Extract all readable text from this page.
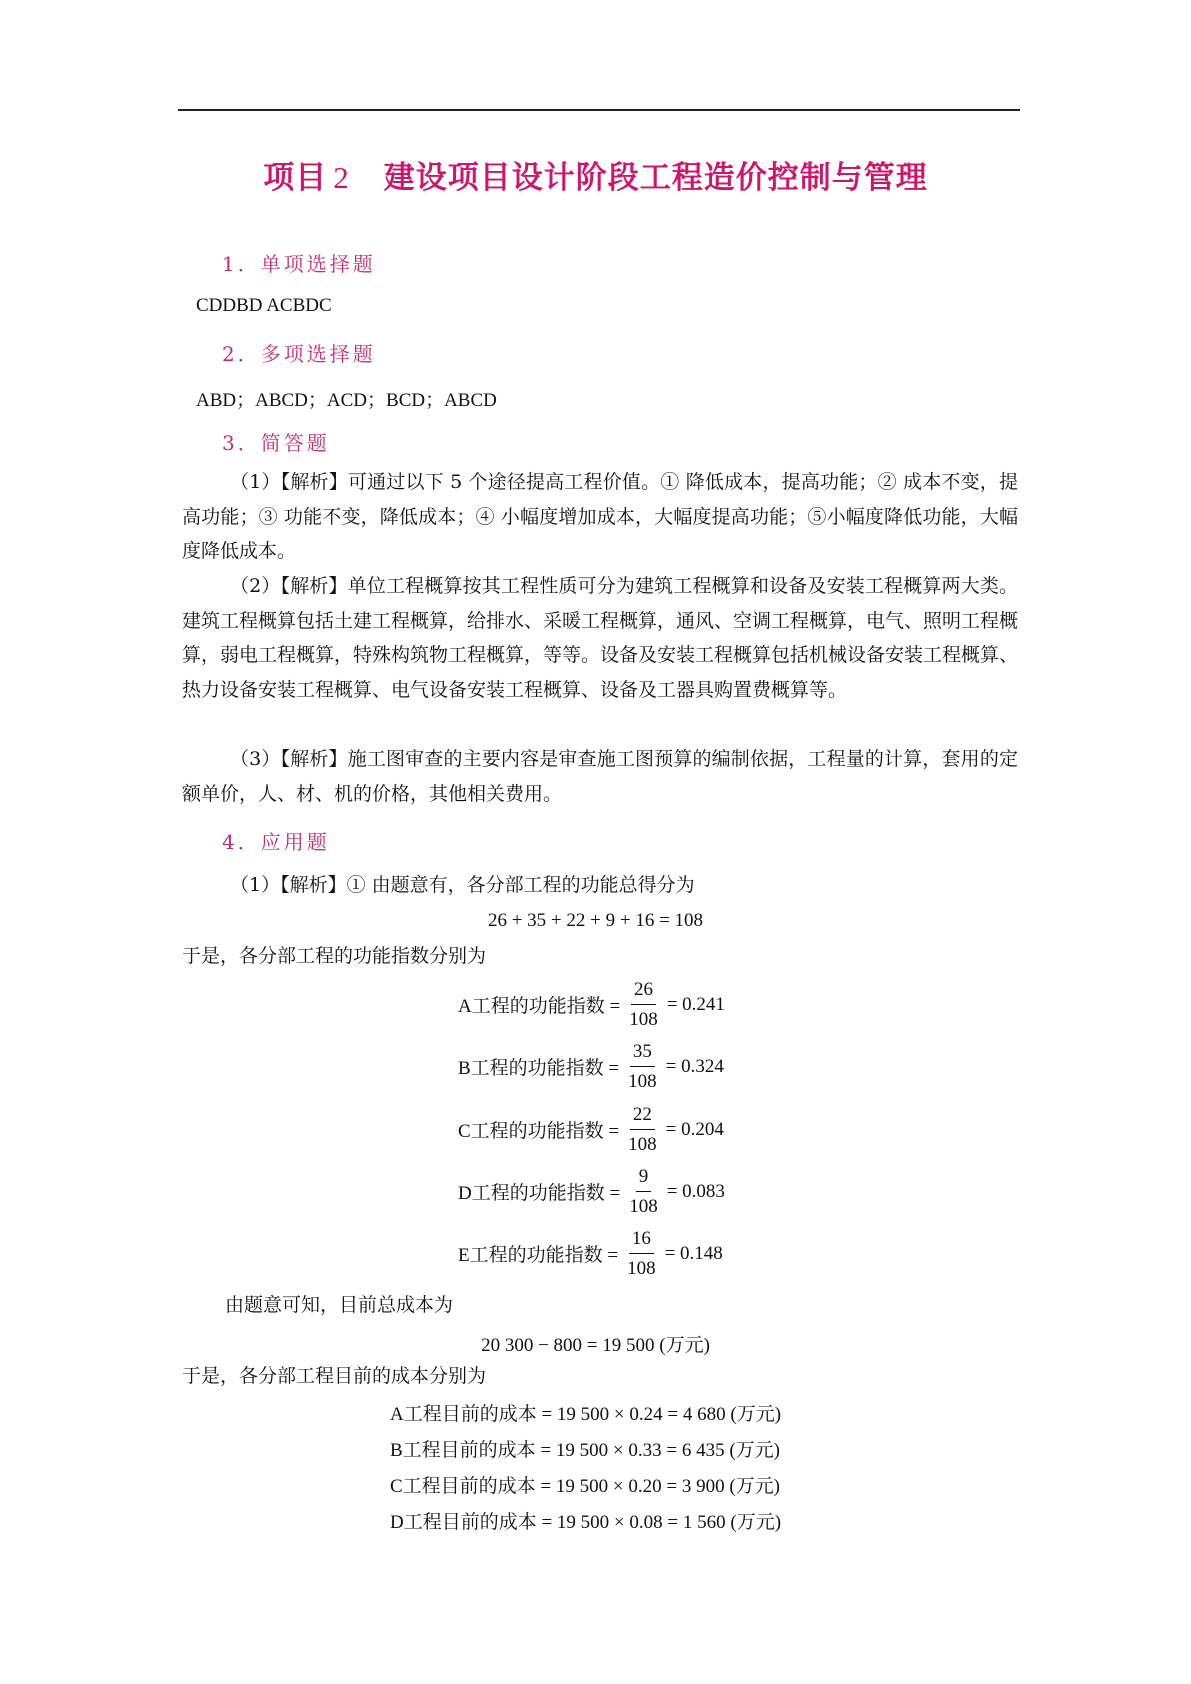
项目 2 建设项目设计阶段工程造价控制与管理
1．单项选择题
CDDBD ACBDC
2．多项选择题
ABD；ABCD；ACD；BCD；ABCD
3．简答题

（1）【解析】可通过以下 5 个途径提高工程价值。① 降低成本，提高功能；② 成本不变，提高功能；③ 功能不变，降低成本；④ 小幅度增加成本，大幅度提高功能；⑤小幅度降低功能，大幅度降低成本。

（2）【解析】单位工程概算按其工程性质可分为建筑工程概算和设备及安装工程概算两大类。建筑工程概算包括土建工程概算，给排水、采暖工程概算，通风、空调工程概算，电气、照明工程概算，弱电工程概算，特殊构筑物工程概算，等等。设备及安装工程概算包括机械设备安装工程概算、热力设备安装工程概算、电气设备安装工程概算、设备及工器具购置费概算等。

（3）【解析】施工图审查的主要内容是审查施工图预算的编制依据，工程量的计算，套用的定额单价，人、材、机的价格，其他相关费用。

4．应用题
（1）【解析】① 由题意有，各分部工程的功能总得分为
26 + 35 + 22 + 9 + 16 = 108
于是，各分部工程的功能指数分别为
A工程的功能指数 = $\frac{26}{108} = 0.241$
B工程的功能指数 = $\frac{35}{108} = 0.324$
C工程的功能指数 = $\frac{22}{108} = 0.204$
D工程的功能指数 = $\frac{9}{108} = 0.083$
E工程的功能指数 = $\frac{16}{108} = 0.148$
由题意可知，目前总成本为
20 300 − 800 = 19 500 (万元)
于是，各分部工程目前的成本分别为
A工程目前的成本 = 19 500 × 0.24 = 4 680 (万元)
B工程目前的成本 = 19 500 × 0.33 = 6 435 (万元)
C工程目前的成本 = 19 500 × 0.20 = 3 900 (万元)
D工程目前的成本 = 19 500 × 0.08 = 1 560 (万元)
